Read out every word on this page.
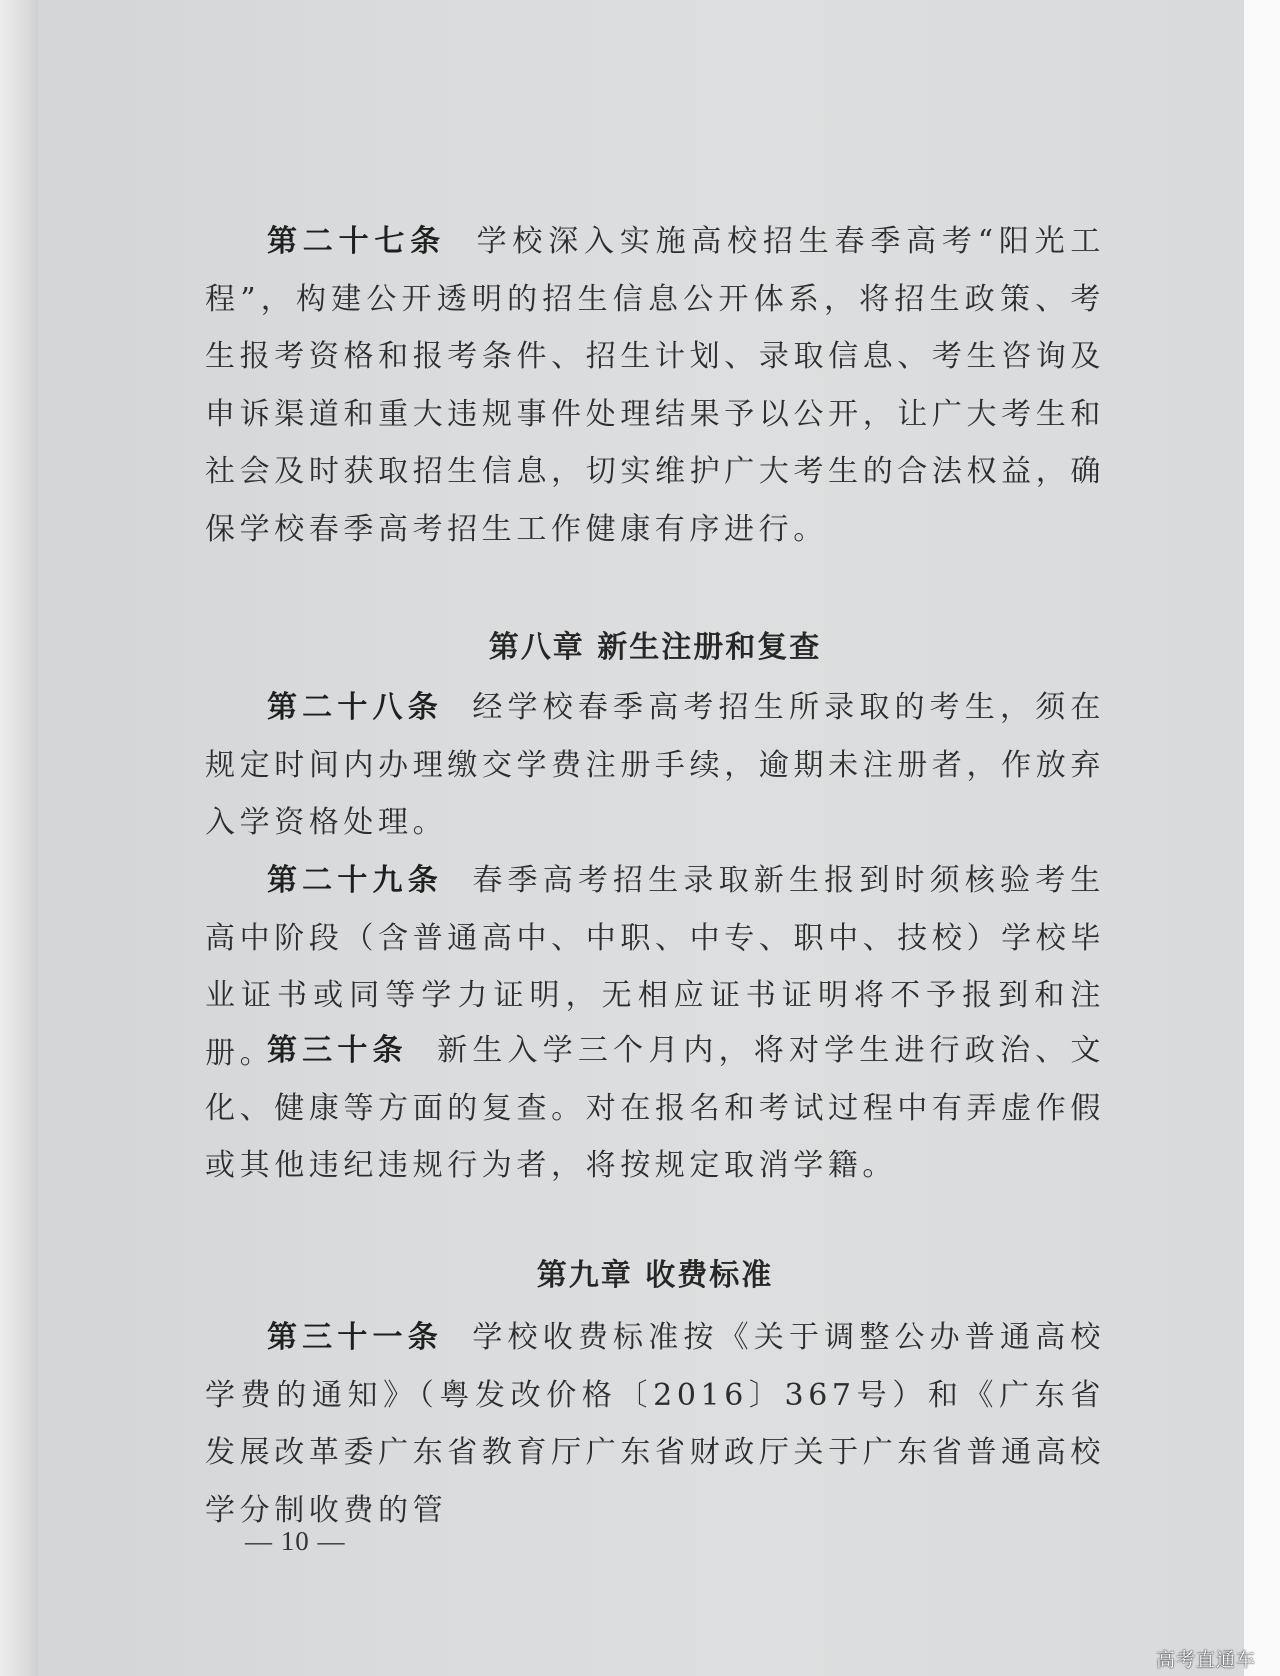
第二十七条 学校深入实施高校招生春季高考“阳光工程”，构建公开透明的招生信息公开体系，将招生政策、考生报考资格和报考条件、招生计划、录取信息、考生咨询及申诉渠道和重大违规事件处理结果予以公开，让广大考生和社会及时获取招生信息，切实维护广大考生的合法权益，确保学校春季高考招生工作健康有序进行。

第八章 新生注册和复查

第二十八条 经学校春季高考招生所录取的考生，须在规定时间内办理缴交学费注册手续，逾期未注册者，作放弃入学资格处理。

第二十九条 春季高考招生录取新生报到时须核验考生高中阶段（含普通高中、中职、中专、职中、技校）学校毕业证书或同等学力证明，无相应证书证明将不予报到和注册。

第三十条 新生入学三个月内，将对学生进行政治、文化、健康等方面的复查。对在报名和考试过程中有弄虚作假或其他违纪违规行为者，将按规定取消学籍。

第九章 收费标准

第三十一条 学校收费标准按《关于调整公办普通高校学费的通知》（粤发改价格〔2016〕367号）和《广东省发展改革委广东省教育厅广东省财政厅关于广东省普通高校学分制收费的管

— 10 —
高考直通车
